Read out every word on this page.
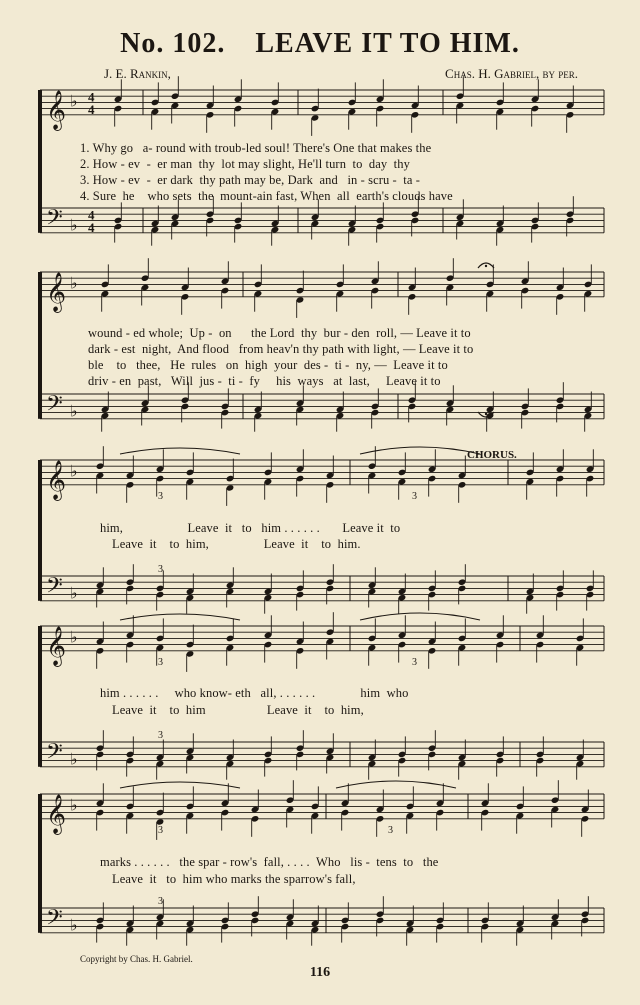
No. 102. LEAVE IT TO HIM.
J. E. Rankin,	Chas. H. Gabriel, by per.
𝄞
𝄢
♭
♭
4
4
4
4
𝄞
𝄢
♭
♭
𝄞
𝄢
♭
♭
3	3
3
𝄞
𝄢
♭
♭
3	3
3
𝄞
𝄢
♭
♭
3	3
3
1. Why go   a- round with troub-led soul! There's One that makes the
2. How - ev  -  er man  thy  lot may slight, He'll turn  to  day  thy
3. How - ev  -  er dark  thy path may be, Dark  and   in - scru -  ta -
4. Sure  he    who sets  the  mount-ain fast, When  all  earth's clouds have
wound - ed whole;  Up -  on      the Lord  thy  bur - den  roll, — Leave it to
dark - est  night,  And flood   from heav'n thy path with light, — Leave it to
ble    to   thee,   He  rules   on  high  your  des -  ti -  ny, —  Leave it to
driv - en  past,   Will  jus -  ti -  fy     his  ways   at  last,     Leave it to
CHORUS.
him,                    Leave  it   to   him . . . . . .       Leave it  to
Leave  it    to  him,                 Leave  it    to  him.
him . . . . . .     who know- eth   all, . . . . . .              him  who
Leave  it    to  him                   Leave  it    to  him,
marks . . . . . .   the spar - row's  fall, . . . .  Who   lis -  tens  to   the
Leave  it   to  him who marks the sparrow's fall,
Copyright by Chas. H. Gabriel.
116
